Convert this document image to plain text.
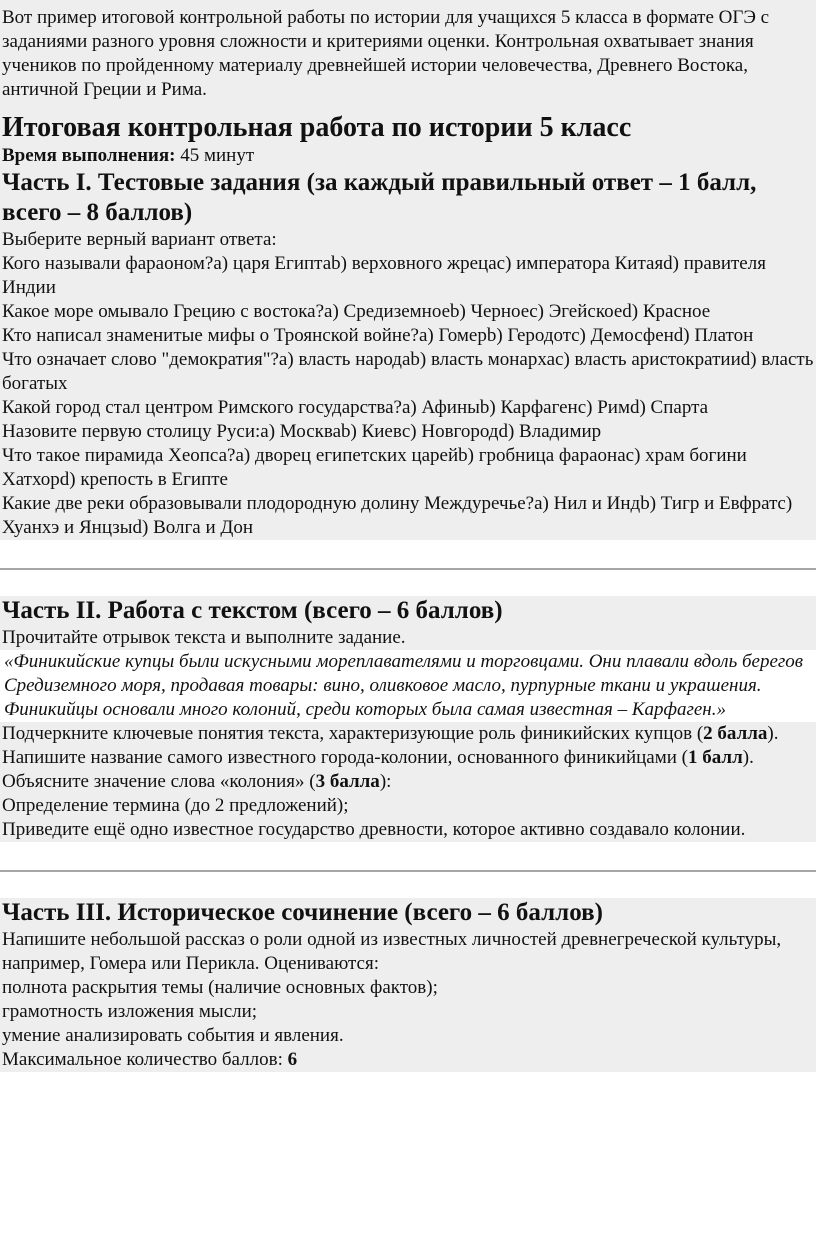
Вот пример итоговой контрольной работы по истории для учащихся 5 класса в формате ОГЭ с заданиями разного уровня сложности и критериями оценки. Контрольная охватывает знания учеников по пройденному материалу древнейшей истории человечества, Древнего Востока, античной Греции и Рима.
Итоговая контрольная работа по истории 5 класс
Время выполнения: 45 минут
Часть I. Тестовые задания (за каждый правильный ответ – 1 балл, всего – 8 баллов)
Выберите верный вариант ответа:
Кого называли фараоном?a) царя Египтаb) верховного жрецаc) императора Китаяd) правителя Индии
Какое море омывало Грецию с востока?a) Средиземноеb) Черноеc) Эгейскоеd) Красное
Кто написал знаменитые мифы о Троянской войне?a) Гомерb) Геродотc) Демосфенd) Платон
Что означает слово "демократия"?a) власть народаb) власть монархаc) власть аристократииd) власть богатых
Какой город стал центром Римского государства?a) Афиныb) Карфагенc) Римd) Спарта
Назовите первую столицу Руси:a) Москваb) Киевc) Новгородd) Владимир
Что такое пирамида Хеопса?a) дворец египетских царейb) гробница фараонаc) храм богини Хатхорd) крепость в Египте
Какие две реки образовывали плодородную долину Междуречье?a) Нил и Индb) Тигр и Евфратc) Хуанхэ и Янцзыd) Волга и Дон
Часть II. Работа с текстом (всего – 6 баллов)
Прочитайте отрывок текста и выполните задание.
«Финикийские купцы были искусными мореплавателями и торговцами. Они плавали вдоль берегов Средиземного моря, продавая товары: вино, оливковое масло, пурпурные ткани и украшения. Финикийцы основали много колоний, среди которых была самая известная – Карфаген.»
Подчеркните ключевые понятия текста, характеризующие роль финикийских купцов (2 балла).
Напишите название самого известного города-колонии, основанного финикийцами (1 балл).
Объясните значение слова «колония» (3 балла):
Определение термина (до 2 предложений);
Приведите ещё одно известное государство древности, которое активно создавало колонии.
Часть III. Историческое сочинение (всего – 6 баллов)
Напишите небольшой рассказ о роли одной из известных личностей древнегреческой культуры, например, Гомера или Перикла. Оцениваются:
полнота раскрытия темы (наличие основных фактов);
грамотность изложения мысли;
умение анализировать события и явления.
Максимальное количество баллов: 6
